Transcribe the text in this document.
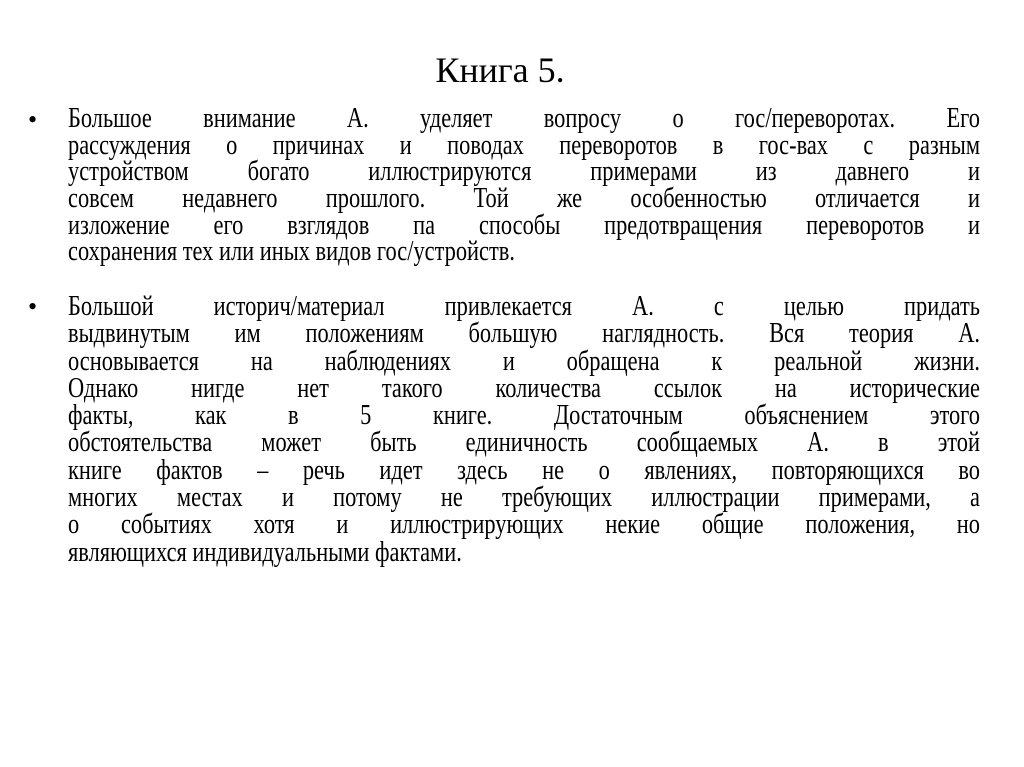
Книга 5.
• Большое внимание А. уделяет вопросу о гос/переворотах. Его
рассуждения о причинах и поводах переворотов в гос-вах с разным
устройством богато иллюстрируются примерами из давнего и
совсем недавнего прошлого. Той же особенностью отличается и
изложение его взглядов па способы предотвращения переворотов и
сохранения тех или иных видов гос/устройств.
• Большой историч/материал привлекается А. с целью придать
выдвинутым им положениям большую наглядность. Вся теория А.
основывается на наблюдениях и обращена к реальной жизни.
Однако нигде нет такого количества ссылок на исторические
факты, как в 5 книге. Достаточным объяснением этого
обстоятельства может быть единичность сообщаемых А. в этой
книге фактов – речь идет здесь не о явлениях, повторяющихся во
многих местах и потому не требующих иллюстрации примерами, а
о событиях хотя и иллюстрирующих некие общие положения, но
являющихся индивидуальными фактами.
